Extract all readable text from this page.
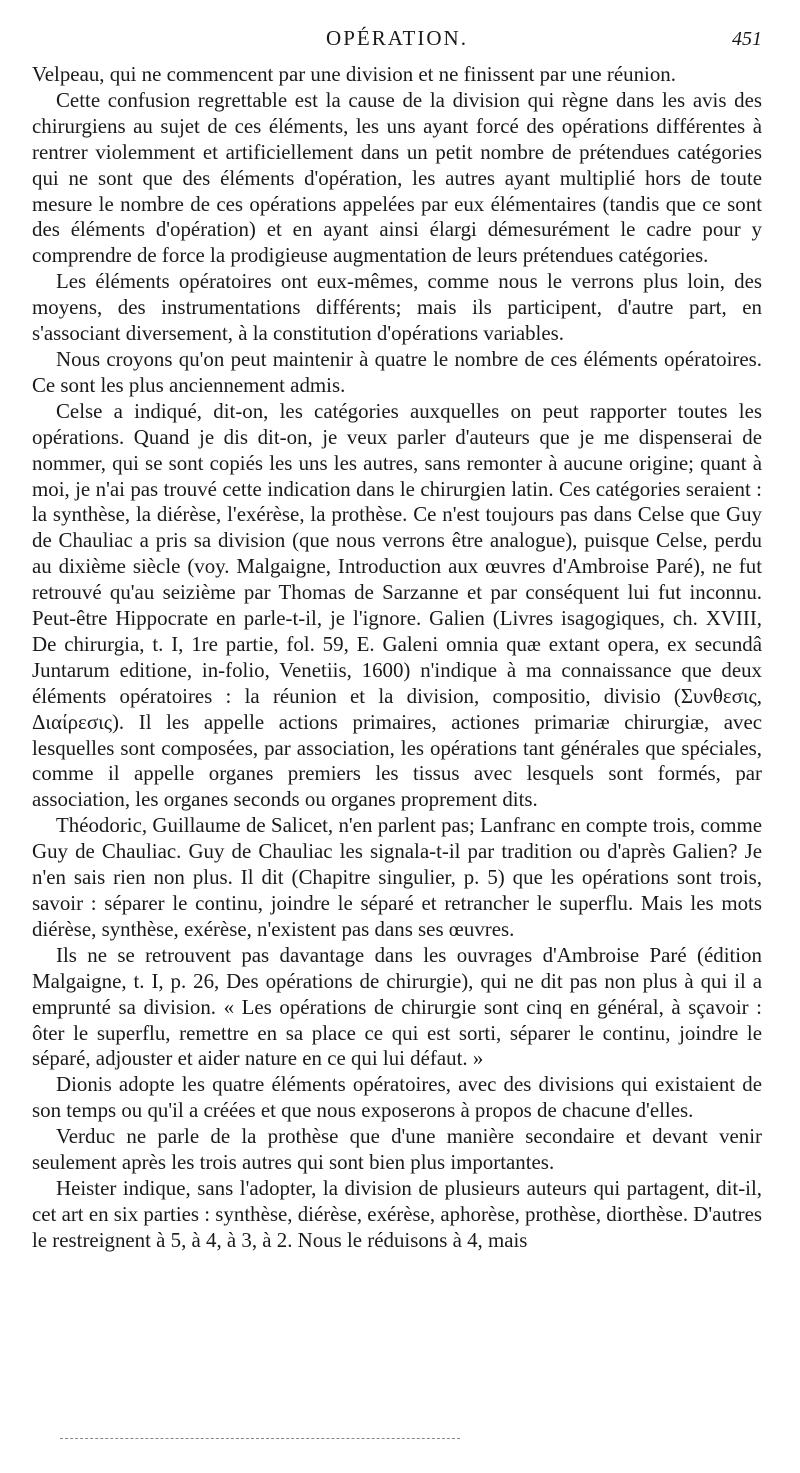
OPÉRATION.	451

Velpeau, qui ne commencent par une division et ne finissent par une réunion.

Cette confusion regrettable est la cause de la division qui règne dans les avis des chirurgiens au sujet de ces éléments, les uns ayant forcé des opérations différentes à rentrer violemment et artificiellement dans un petit nombre de prétendues catégories qui ne sont que des éléments d'opération, les autres ayant multiplié hors de toute mesure le nombre de ces opérations appelées par eux élémentaires (tandis que ce sont des éléments d'opération) et en ayant ainsi élargi démesurément le cadre pour y comprendre de force la prodigieuse augmentation de leurs prétendues catégories.

Les éléments opératoires ont eux-mêmes, comme nous le verrons plus loin, des moyens, des instrumentations différents; mais ils participent, d'autre part, en s'associant diversement, à la constitution d'opérations variables.

Nous croyons qu'on peut maintenir à quatre le nombre de ces éléments opératoires. Ce sont les plus anciennement admis.

Celse a indiqué, dit-on, les catégories auxquelles on peut rapporter toutes les opérations. Quand je dis dit-on, je veux parler d'auteurs que je me dispenserai de nommer, qui se sont copiés les uns les autres, sans remonter à aucune origine; quant à moi, je n'ai pas trouvé cette indication dans le chirurgien latin. Ces catégories seraient : la synthèse, la diérèse, l'exérèse, la prothèse. Ce n'est toujours pas dans Celse que Guy de Chauliac a pris sa division (que nous verrons être analogue), puisque Celse, perdu au dixième siècle (voy. Malgaigne, Introduction aux œuvres d'Ambroise Paré), ne fut retrouvé qu'au seizième par Thomas de Sarzanne et par conséquent lui fut inconnu. Peut-être Hippocrate en parle-t-il, je l'ignore. Galien (Livres isagogiques, ch. XVIII, De chirurgia, t. I, 1re partie, fol. 59, E. Galeni omnia quæ extant opera, ex secundâ Juntarum editione, in-folio, Venetiis, 1600) n'indique à ma connaissance que deux éléments opératoires : la réunion et la division, compositio, divisio (Συνθεσις, Διαίρεσις). Il les appelle actions primaires, actiones primariæ chirurgiæ, avec lesquelles sont composées, par association, les opérations tant générales que spéciales, comme il appelle organes premiers les tissus avec lesquels sont formés, par association, les organes seconds ou organes proprement dits.

Théodoric, Guillaume de Salicet, n'en parlent pas; Lanfranc en compte trois, comme Guy de Chauliac. Guy de Chauliac les signala-t-il par tradition ou d'après Galien? Je n'en sais rien non plus. Il dit (Chapitre singulier, p. 5) que les opérations sont trois, savoir : séparer le continu, joindre le séparé et retrancher le superflu. Mais les mots diérèse, synthèse, exérèse, n'existent pas dans ses œuvres.

Ils ne se retrouvent pas davantage dans les ouvrages d'Ambroise Paré (édition Malgaigne, t. I, p. 26, Des opérations de chirurgie), qui ne dit pas non plus à qui il a emprunté sa division. « Les opérations de chirurgie sont cinq en général, à sçavoir : ôter le superflu, remettre en sa place ce qui est sorti, séparer le continu, joindre le séparé, adjouster et aider nature en ce qui lui défaut. »

Dionis adopte les quatre éléments opératoires, avec des divisions qui existaient de son temps ou qu'il a créées et que nous exposerons à propos de chacune d'elles.

Verduc ne parle de la prothèse que d'une manière secondaire et devant venir seulement après les trois autres qui sont bien plus importantes.

Heister indique, sans l'adopter, la division de plusieurs auteurs qui partagent, dit-il, cet art en six parties : synthèse, diérèse, exérèse, aphorèse, prothèse, diorthèse. D'autres le restreignent à 5, à 4, à 3, à 2. Nous le réduisons à 4, mais
